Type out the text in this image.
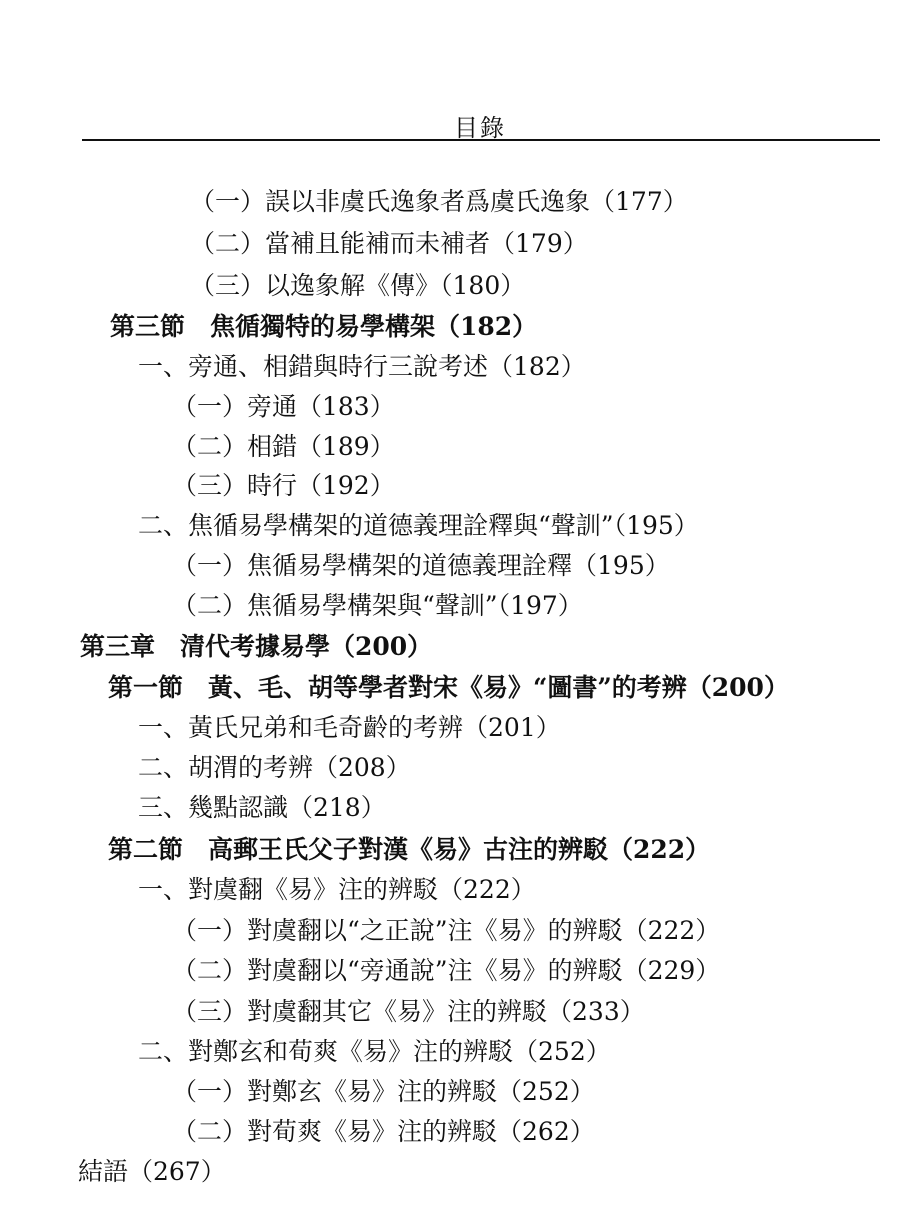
目錄
（一）誤以非虞氏逸象者爲虞氏逸象（177）
（二）當補且能補而未補者（179）
（三）以逸象解《傳》（180）
第三節　焦循獨特的易學構架（182）
一、旁通、相錯與時行三說考述（182）
（一）旁通（183）
（二）相錯（189）
（三）時行（192）
二、焦循易學構架的道德義理詮釋與“聲訓”（195）
（一）焦循易學構架的道德義理詮釋（195）
（二）焦循易學構架與“聲訓”（197）
第三章　清代考據易學（200）
第一節　黃、毛、胡等學者對宋《易》“圖書”的考辨（200）
一、黃氏兄弟和毛奇齡的考辨（201）
二、胡渭的考辨（208）
三、幾點認識（218）
第二節　高郵王氏父子對漢《易》古注的辨駁（222）
一、對虞翻《易》注的辨駁（222）
（一）對虞翻以“之正說”注《易》的辨駁（222）
（二）對虞翻以“旁通說”注《易》的辨駁（229）
（三）對虞翻其它《易》注的辨駁（233）
二、對鄭玄和荀爽《易》注的辨駁（252）
（一）對鄭玄《易》注的辨駁（252）
（二）對荀爽《易》注的辨駁（262）
結語（267）
